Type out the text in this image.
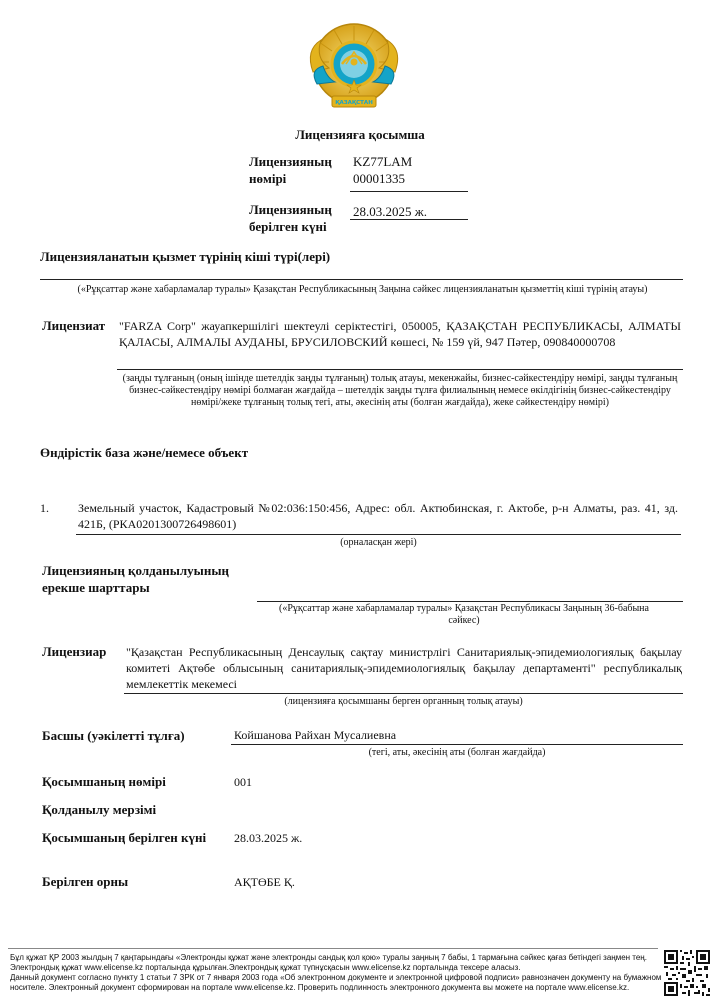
ҚАЗАҚСТАН
Лицензияға қосымша
Лицензияның нөмірі
KZ77LAM
00001335
Лицензияның берілген күні
28.03.2025 ж.
Лицензияланатын қызмет түрінің кіші түрі(лері)
(«Рұқсаттар және хабарламалар туралы» Қазақстан Республикасының Заңына сәйкес лицензияланатын қызметтің кіші түрінің атауы)
Лицензиат	"FARZA Corp" жауапкершілігі шектеулі серіктестігі, 050005, ҚАЗАҚСТАН РЕСПУБЛИКАСЫ, АЛМАТЫ ҚАЛАСЫ, АЛМАЛЫ АУДАНЫ, БРУСИЛОВСКИЙ көшесі, № 159 үй, 947 Пәтер, 090840000708
(заңды тұлғаның (оның ішінде шетелдік заңды тұлғаның) толық атауы, мекенжайы, бизнес-сәйкестендіру нөмірі, заңды тұлғаның бизнес-сәйкестендіру нөмірі болмаған жағдайда – шетелдік заңды тұлға филиалының немесе өкілдігінің бизнес-сәйкестендіру нөмірі/жеке тұлғаның толық тегі, аты, әкесінің аты (болған жағдайда), жеке сәйкестендіру нөмірі)
Өндірістік база және/немесе объект
1.	Земельный участок, Кадастровый №02:036:150:456, Адрес: обл. Актюбинская, г. Актобе, р-н Алматы, раз. 41, зд. 421Б, (РКА0201300726498601)
(орналасқан жері)
Лицензияның қолданылуының ерекше шарттары
(«Рұқсаттар және хабарламалар туралы» Қазақстан Республикасы Заңының 36-бабына сәйкес)
Лицензиар	"Қазақстан Республикасының Денсаулық сақтау министрлігі Санитариялық-эпидемиологиялық бақылау комитеті Ақтөбе облысының санитариялық-эпидемиологиялық бақылау департаменті" республикалық мемлекеттік мекемесі
(лицензияға қосымшаны берген органның толық атауы)
Басшы (уәкілетті тұлға)	Койшанова Райхан Мусалиевна
(тегі, аты, әкесінің аты (болған жағдайда)
Қосымшаның нөмірі	001
Қолданылу мерзімі
Қосымшаның берілген күні	28.03.2025 ж.
Берілген орны	АҚТӨБЕ Қ.
Бұл құжат ҚР 2003 жылдың 7 қаңтарындағы «Электронды құжат және электронды сандық қол қою» туралы заңның 7 бабы, 1 тармағына сәйкес қағаз бетіндегі заңмен тең.
Электрондық құжат www.elicense.kz порталында құрылған.Электрондық құжат түпнұсқасын www.elicense.kz порталында тексере аласыз.
Данный документ согласно пункту 1 статьи 7 ЗРК от 7 января 2003 года «Об электронном документе и электронной цифровой подписи» равнозначен документу на бумажном
носителе. Электронный документ сформирован на портале www.elicense.kz. Проверить подлинность электронного документа вы можете на портале www.elicense.kz.
